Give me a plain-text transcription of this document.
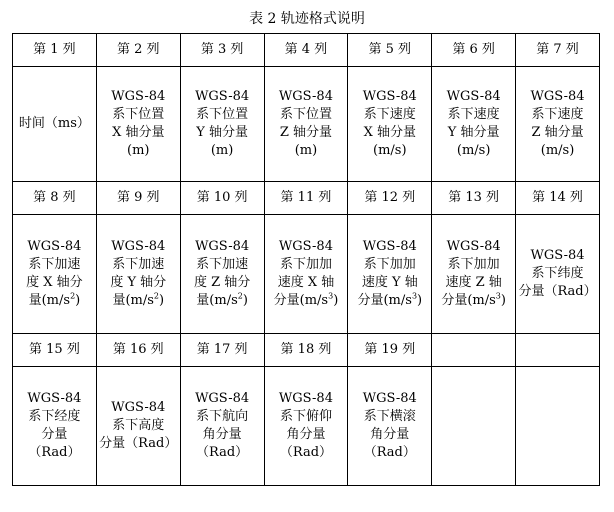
表 2 轨迹格式说明
第 1 列	第 2 列	第 3 列	第 4 列	第 5 列	第 6 列	第 7 列

时间（ms）	WGS-84
系下位置
X 轴分量
(m)	WGS-84
系下位置
Y 轴分量
(m)	WGS-84
系下位置
Z 轴分量
(m)	WGS-84
系下速度
X 轴分量
(m/s)	WGS-84
系下速度
Y 轴分量
(m/s)	WGS-84
系下速度
Z 轴分量
(m/s)

第 8 列	第 9 列	第 10 列	第 11 列	第 12 列	第 13 列	第 14 列

WGS-84
系下加速
度 X 轴分
量$(m/s^2)$	WGS-84
系下加速
度 Y 轴分
量$(m/s^2)$	WGS-84
系下加速
度 Z 轴分
量$(m/s^2)$	WGS-84
系下加加
速度 X 轴
分量$(m/s^3)$	WGS-84
系下加加
速度 Y 轴
分量$(m/s^3)$	WGS-84
系下加加
速度 Z 轴
分量$(m/s^3)$	WGS-84
系下纬度
分量（Rad）

第 15 列	第 16 列	第 17 列	第 18 列	第 19 列		

WGS-84
系下经度
分量
（Rad）	WGS-84
系下高度
分量（Rad）	WGS-84
系下航向
角分量
（Rad）	WGS-84
系下俯仰
角分量
（Rad）	WGS-84
系下横滚
角分量
（Rad）		
